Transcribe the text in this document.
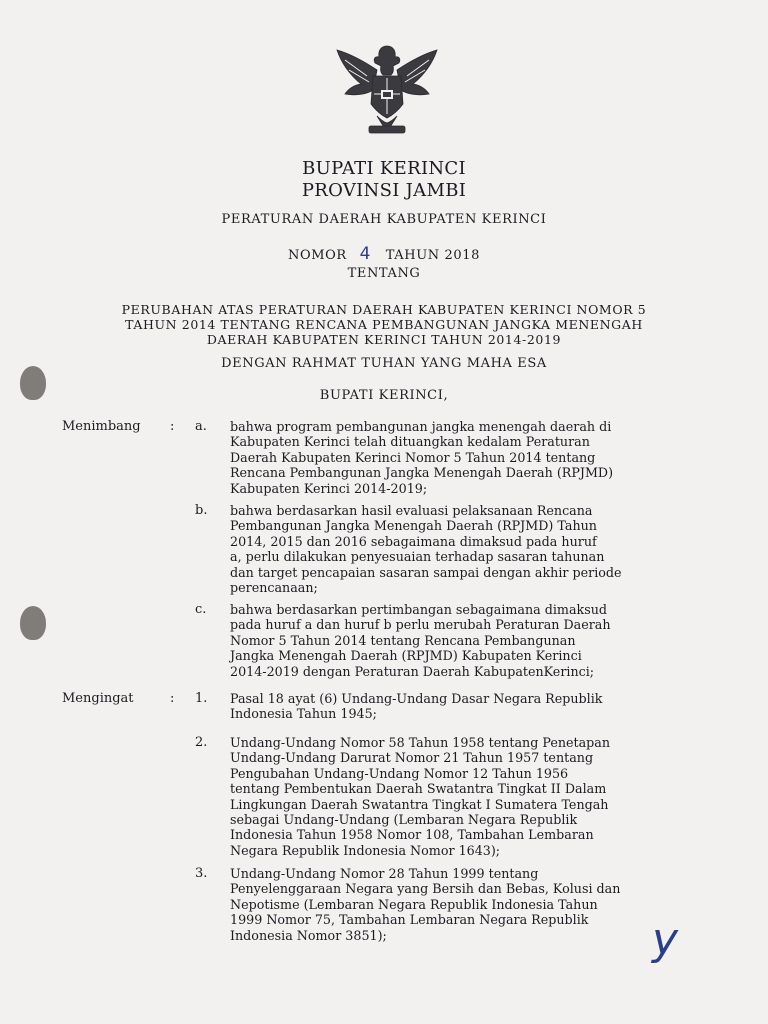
BUPATI KERINCI
PROVINSI JAMBI
PERATURAN DAERAH KABUPATEN KERINCI
NOMOR 4 TAHUN 2018
TENTANG
PERUBAHAN ATAS PERATURAN DAERAH KABUPATEN KERINCI NOMOR 5
TAHUN 2014 TENTANG RENCANA PEMBANGUNAN JANGKA MENENGAH
DAERAH KABUPATEN KERINCI TAHUN 2014-2019
DENGAN RAHMAT TUHAN YANG MAHA ESA
BUPATI KERINCI,
Menimbang : a. bahwa program pembangunan jangka menengah daerah di
Kabupaten Kerinci telah dituangkan kedalam Peraturan
Daerah Kabupaten Kerinci Nomor 5 Tahun 2014 tentang
Rencana Pembangunan Jangka Menengah Daerah (RPJMD)
Kabupaten Kerinci 2014-2019;
b. bahwa berdasarkan hasil evaluasi pelaksanaan Rencana
Pembangunan Jangka Menengah Daerah (RPJMD) Tahun
2014, 2015 dan 2016 sebagaimana dimaksud pada huruf
a, perlu dilakukan penyesuaian terhadap sasaran tahunan
dan target pencapaian sasaran sampai dengan akhir periode
perencanaan;
c. bahwa berdasarkan pertimbangan sebagaimana dimaksud
pada huruf a dan huruf b perlu merubah Peraturan Daerah
Nomor 5 Tahun 2014 tentang Rencana Pembangunan
Jangka Menengah Daerah (RPJMD) Kabupaten Kerinci
2014-2019 dengan Peraturan Daerah KabupatenKerinci;
Mengingat	: 1. Pasal 18 ayat (6) Undang-Undang Dasar Negara Republik
Indonesia Tahun 1945;
2. Undang-Undang Nomor 58 Tahun 1958 tentang Penetapan
Undang-Undang Darurat Nomor 21 Tahun 1957 tentang
Pengubahan Undang-Undang Nomor 12 Tahun 1956
tentang Pembentukan Daerah Swatantra Tingkat II Dalam
Lingkungan Daerah Swatantra Tingkat I Sumatera Tengah
sebagai Undang-Undang (Lembaran Negara Republik
Indonesia Tahun 1958 Nomor 108, Tambahan Lembaran
Negara Republik Indonesia Nomor 1643);
3. Undang-Undang Nomor 28 Tahun 1999 tentang
Penyelenggaraan Negara yang Bersih dan Bebas, Kolusi dan
Nepotisme (Lembaran Negara Republik Indonesia Tahun
1999 Nomor 75, Tambahan Lembaran Negara Republik
Indonesia Nomor 3851);	y
